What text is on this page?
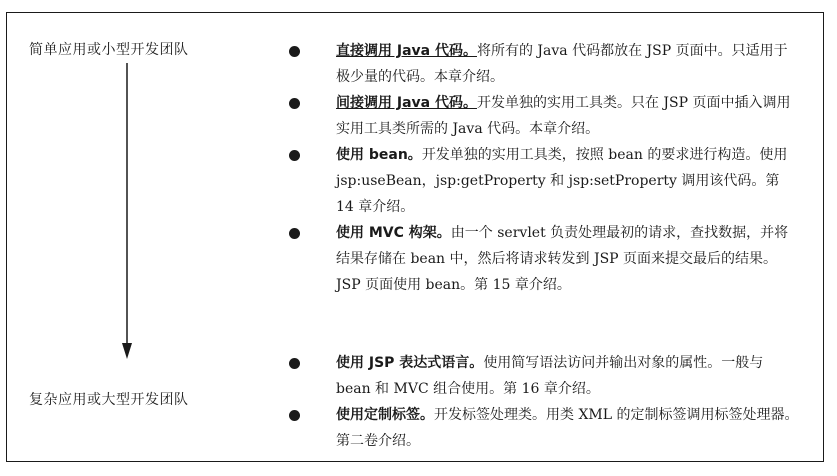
简单应用或小型开发团队
复杂应用或大型开发团队
直接调用 Java 代码。将所有的 Java 代码都放在 JSP 页面中。只适用于极少量的代码。本章介绍。
间接调用 Java 代码。开发单独的实用工具类。只在 JSP 页面中插入调用实用工具类所需的 Java 代码。本章介绍。
使用 bean。开发单独的实用工具类，按照 bean 的要求进行构造。使用 jsp:useBean，jsp:getProperty 和 jsp:setProperty 调用该代码。第 14 章介绍。
使用 MVC 构架。由一个 servlet 负责处理最初的请求，查找数据，并将结果存储在 bean 中，然后将请求转发到 JSP 页面来提交最后的结果。JSP 页面使用 bean。第 15 章介绍。
使用 JSP 表达式语言。使用简写语法访问并输出对象的属性。一般与 bean 和 MVC 组合使用。第 16 章介绍。
使用定制标签。开发标签处理类。用类 XML 的定制标签调用标签处理器。第二卷介绍。
